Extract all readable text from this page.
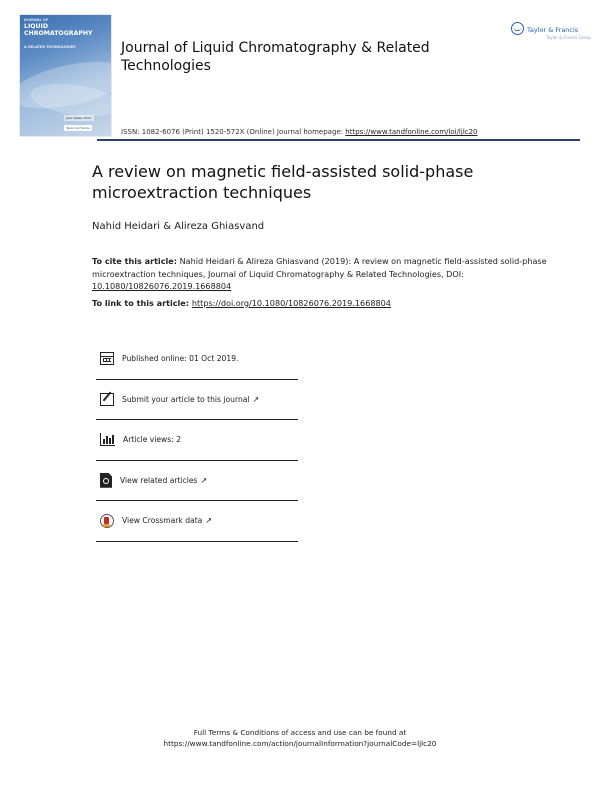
JOURNAL OF
LIQUID
CHROMATOGRAPHY
& RELATED TECHNOLOGIES
Jack Cazes, Ph.D.
Taylor & Francis
Journal of Liquid Chromatography & Related Technologies
Taylor & Francis
Taylor & Francis Group
ISSN: 1082-6076 (Print) 1520-572X (Online) Journal homepage: https://www.tandfonline.com/loi/ljlc20
A review on magnetic field-assisted solid-phase microextraction techniques
Nahid Heidari & Alireza Ghiasvand
To cite this article: Nahid Heidari & Alireza Ghiasvand (2019): A review on magnetic field-assisted solid-phase microextraction techniques, Journal of Liquid Chromatography & Related Technologies, DOI: 10.1080/10826076.2019.1668804
To link to this article: https://doi.org/10.1080/10826076.2019.1668804
Published online: 01 Oct 2019.
Submit your article to this journal ↗
Article views: 2
View related articles ↗
View Crossmark data ↗
Full Terms & Conditions of access and use can be found at
https://www.tandfonline.com/action/journalInformation?journalCode=ljlc20
